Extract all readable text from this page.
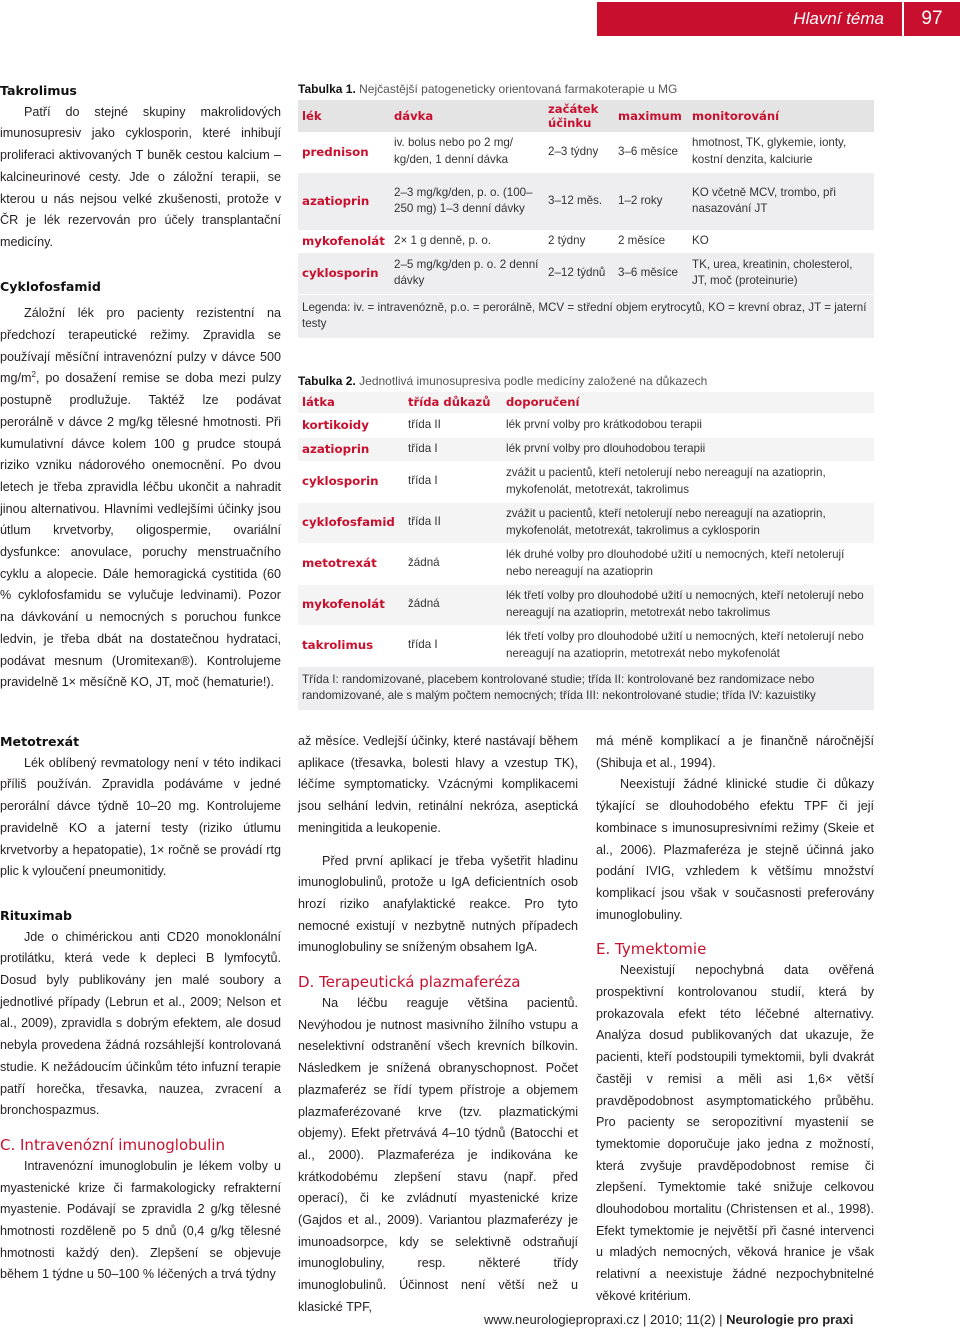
Hlavní téma	97
Takrolimus

Patří do stejné skupiny makrolidových imunosupresiv jako cyklosporin, které inhibují proliferaci aktivovaných T buněk cestou kalcium – kalcineurinové cesty. Jde o záložní terapii, se kterou u nás nejsou velké zkušenosti, protože v ČR je lék rezervován pro účely transplantační medicíny.

Cyklofosfamid

Záložní lék pro pacienty rezistentní na předchozí terapeutické režimy. Zpravidla se používají měsíční intravenózní pulzy v dávce 500 $mg/m^2$, po dosažení remise se doba mezi pulzy postupně prodlužuje. Taktéž lze podávat perorálně v dávce 2 mg/kg tělesné hmotnosti. Při kumulativní dávce kolem 100 g prudce stoupá riziko vzniku nádorového onemocnění. Po dvou letech je třeba zpravidla léčbu ukončit a nahradit jinou alternativou. Hlavními vedlejšími účinky jsou útlum krvetvorby, oligospermie, ovariální dysfunkce: anovulace, poruchy menstruačního cyklu a alopecie. Dále hemoragická cystitida (60 % cyklofosfamidu se vylučuje ledvinami). Pozor na dávkování u nemocných s poruchou funkce ledvin, je třeba dbát na dostatečnou hydrataci, podávat mesnum (Uromitexan®). Kontrolujeme pravidelně 1× měsíčně KO, JT, moč (hematurie!).

Tabulka 1. Nejčastější patogeneticky orientovaná farmakoterapie u MG
lék	dávka	začátek účinku	maximum	monitorování
prednison	iv. bolus nebo po 2 mg/ kg/den, 1 denní dávka	2–3 týdny	3–6 měsíce	hmotnost, TK, glykemie, ionty, kostní denzita, kalciurie
azatioprin	2–3 mg/kg/den, p. o. (100–250 mg) 1–3 denní dávky	3–12 měs.	1–2 roky	KO včetně MCV, trombo, při nasazování JT
mykofenolát	2× 1 g denně, p. o.	2 týdny	2 měsíce	KO
cyklosporin	2–5 mg/kg/den p. o. 2 denní dávky	2–12 týdnů	3–6 měsíce	TK, urea, kreatinin, cholesterol, JT, moč (proteinurie)
Legenda: iv. = intravenózně, p.o. = perorálně, MCV = střední objem erytrocytů, KO = krevní obraz, JT = jaterní testy
Tabulka 2. Jednotlivá imunosupresiva podle medicíny založené na důkazech
látka	třída důkazů	doporučení
kortikoidy	třída II	lék první volby pro krátkodobou terapii
azatioprin	třída I	lék první volby pro dlouhodobou terapii
cyklosporin	třída I	zvážit u pacientů, kteří netolerují nebo nereagují na azatioprin, mykofenolát, metotrexát, takrolimus
cyklofosfamid	třída II	zvážit u pacientů, kteří netolerují nebo nereagují na azatioprin, mykofenolát, metotrexát, takrolimus a cyklosporin
metotrexát	žádná	lék druhé volby pro dlouhodobé užití u nemocných, kteří netolerují nebo nereagují na azatioprin
mykofenolát	žádná	lék třetí volby pro dlouhodobé užití u nemocných, kteří netolerují nebo nereagují na azatioprin, metotrexát nebo takrolimus
takrolimus	třída I	lék třetí volby pro dlouhodobé užití u nemocných, kteří netolerují nebo nereagují na azatioprin, metotrexát nebo mykofenolát
Třída I: randomizované, placebem kontrolované studie; třída II: kontrolované bez randomizace nebo randomizované, ale s malým počtem nemocných; třída III: nekontrolované studie; třída IV: kazuistiky
Metotrexát

Lék oblíbený revmatology není v této indikaci příliš používán. Zpravidla podáváme v jedné perorální dávce týdně 10–20 mg. Kontrolujeme pravidelně KO a jaterní testy (riziko útlumu krvetvorby a hepatopatie), 1× ročně se provádí rtg plic k vyloučení pneumonitidy.

Rituximab

Jde o chimérickou anti CD20 monoklonální protilátku, která vede k depleci B lymfocytů. Dosud byly publikovány jen malé soubory a jednotlivé případy (Lebrun et al., 2009; Nelson et al., 2009), zpravidla s dobrým efektem, ale dosud nebyla provedena žádná rozsáhlejší kontrolovaná studie. K nežádoucím účinkům této infuzní terapie patří horečka, třesavka, nauzea, zvracení a bronchospazmus.

C. Intravenózní imunoglobulin

Intravenózní imunoglobulin je lékem volby u myastenické krize či farmakologicky refrakterní myastenie. Podávají se zpravidla 2 g/kg tělesné hmotnosti rozděleně po 5 dnů (0,4 g/kg tělesné hmotnosti každý den). Zlepšení se objevuje během 1 týdne u 50–100 % léčených a trvá týdny

až měsíce. Vedlejší účinky, které nastávají během aplikace (třesavka, bolesti hlavy a vzestup TK), léčíme symptomaticky. Vzácnými komplikacemi jsou selhání ledvin, retinální nekróza, aseptická meningitida a leukopenie.

Před první aplikací je třeba vyšetřit hladinu imunoglobulinů, protože u IgA deficientních osob hrozí riziko anafylaktické reakce. Pro tyto nemocné existují v nezbytně nutných případech imunoglobuliny se sníženým obsahem IgA.

D. Terapeutická plazmaferéza

Na léčbu reaguje většina pacientů. Nevýhodou je nutnost masivního žilního vstupu a neselektivní odstranění všech krevních bílkovin. Následkem je snížená obranyschopnost. Počet plazmaferéz se řídí typem přístroje a objemem plazmaferézované krve (tzv. plazmatickými objemy). Efekt přetrvává 4–10 týdnů (Batocchi et al., 2000). Plazmaferéza je indikována ke krátkodobému zlepšení stavu (např. před operací), či ke zvládnutí myastenické krize (Gajdos et al., 2009). Variantou plazmaferézy je imunoadsorpce, kdy se selektivně odstraňují imunoglobuliny, resp. některé třídy imunoglobulinů. Účinnost není větší než u klasické TPF,

má méně komplikací a je finančně náročnější (Shibuja et al., 1994).

Neexistují žádné klinické studie či důkazy týkající se dlouhodobého efektu TPF či její kombinace s imunosupresivními režimy (Skeie et al., 2006). Plazmaferéza je stejně účinná jako podání IVIG, vzhledem k většímu množství komplikací jsou však v současnosti preferovány imunoglobuliny.

E. Tymektomie

Neexistují nepochybná data ověřená prospektivní kontrolovanou studií, která by prokazovala efekt této léčebné alternativy. Analýza dosud publikovaných dat ukazuje, že pacienti, kteří podstoupili tymektomii, byli dvakrát častěji v remisi a měli asi 1,6× větší pravděpodobnost asymptomatického průběhu. Pro pacienty se seropozitivní myastenií se tymektomie doporučuje jako jedna z možností, která zvyšuje pravděpodobnost remise či zlepšení. Tymektomie také snižuje celkovou dlouhodobou mortalitu (Christensen et al., 1998). Efekt tymektomie je největší při časné intervenci u mladých nemocných, věková hranice je však relativní a neexistuje žádné nezpochybnitelné věkové kritérium.

www.neurologiepropraxi.cz | 2010; 11(2) | Neurologie pro praxi
